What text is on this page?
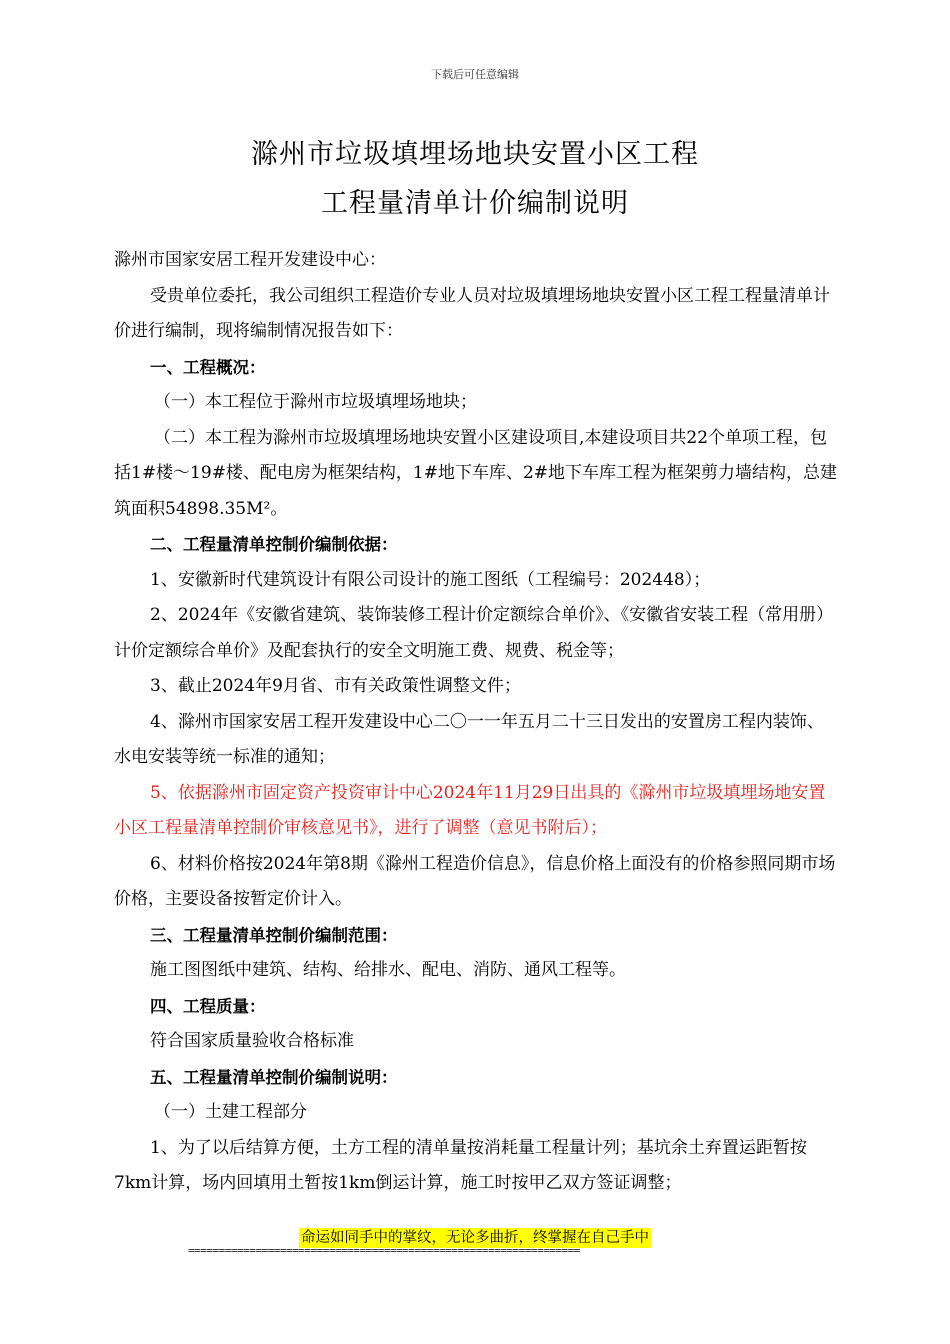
下载后可任意编辑
滁州市垃圾填埋场地块安置小区工程
工程量清单计价编制说明

滁州市国家安居工程开发建设中心：

受贵单位委托，我公司组织工程造价专业人员对垃圾填埋场地块安置小区工程工程量清单计价进行编制，现将编制情况报告如下：

一、工程概况：

（一）本工程位于滁州市垃圾填埋场地块；

（二）本工程为滁州市垃圾填埋场地块安置小区建设项目,本建设项目共22个单项工程，包括1#楼～19#楼、配电房为框架结构，1#地下车库、2#地下车库工程为框架剪力墙结构，总建筑面积54898.35M²。

二、工程量清单控制价编制依据：

1、安徽新时代建筑设计有限公司设计的施工图纸（工程编号：202448）；

2、2024年《安徽省建筑、装饰装修工程计价定额综合单价》、《安徽省安装工程（常用册）计价定额综合单价》及配套执行的安全文明施工费、规费、税金等；

3、截止2024年9月省、市有关政策性调整文件；

4、滁州市国家安居工程开发建设中心二〇一一年五月二十三日发出的安置房工程内装饰、水电安装等统一标准的通知；

5、依据滁州市固定资产投资审计中心2024年11月29日出具的《滁州市垃圾填埋场地安置小区工程量清单控制价审核意见书》，进行了调整（意见书附后）；

6、材料价格按2024年第8期《滁州工程造价信息》，信息价格上面没有的价格参照同期市场价格，主要设备按暂定价计入。

三、工程量清单控制价编制范围：

施工图图纸中建筑、结构、给排水、配电、消防、通风工程等。

四、工程质量：

符合国家质量验收合格标准

五、工程量清单控制价编制说明：

（一）土建工程部分

1、为了以后结算方便，土方工程的清单量按消耗量工程量计列；基坑余土弃置运距暂按7km计算，场内回填用土暂按1km倒运计算，施工时按甲乙双方签证调整；

命运如同手中的掌纹，无论多曲折，终掌握在自己手中
================================================================
